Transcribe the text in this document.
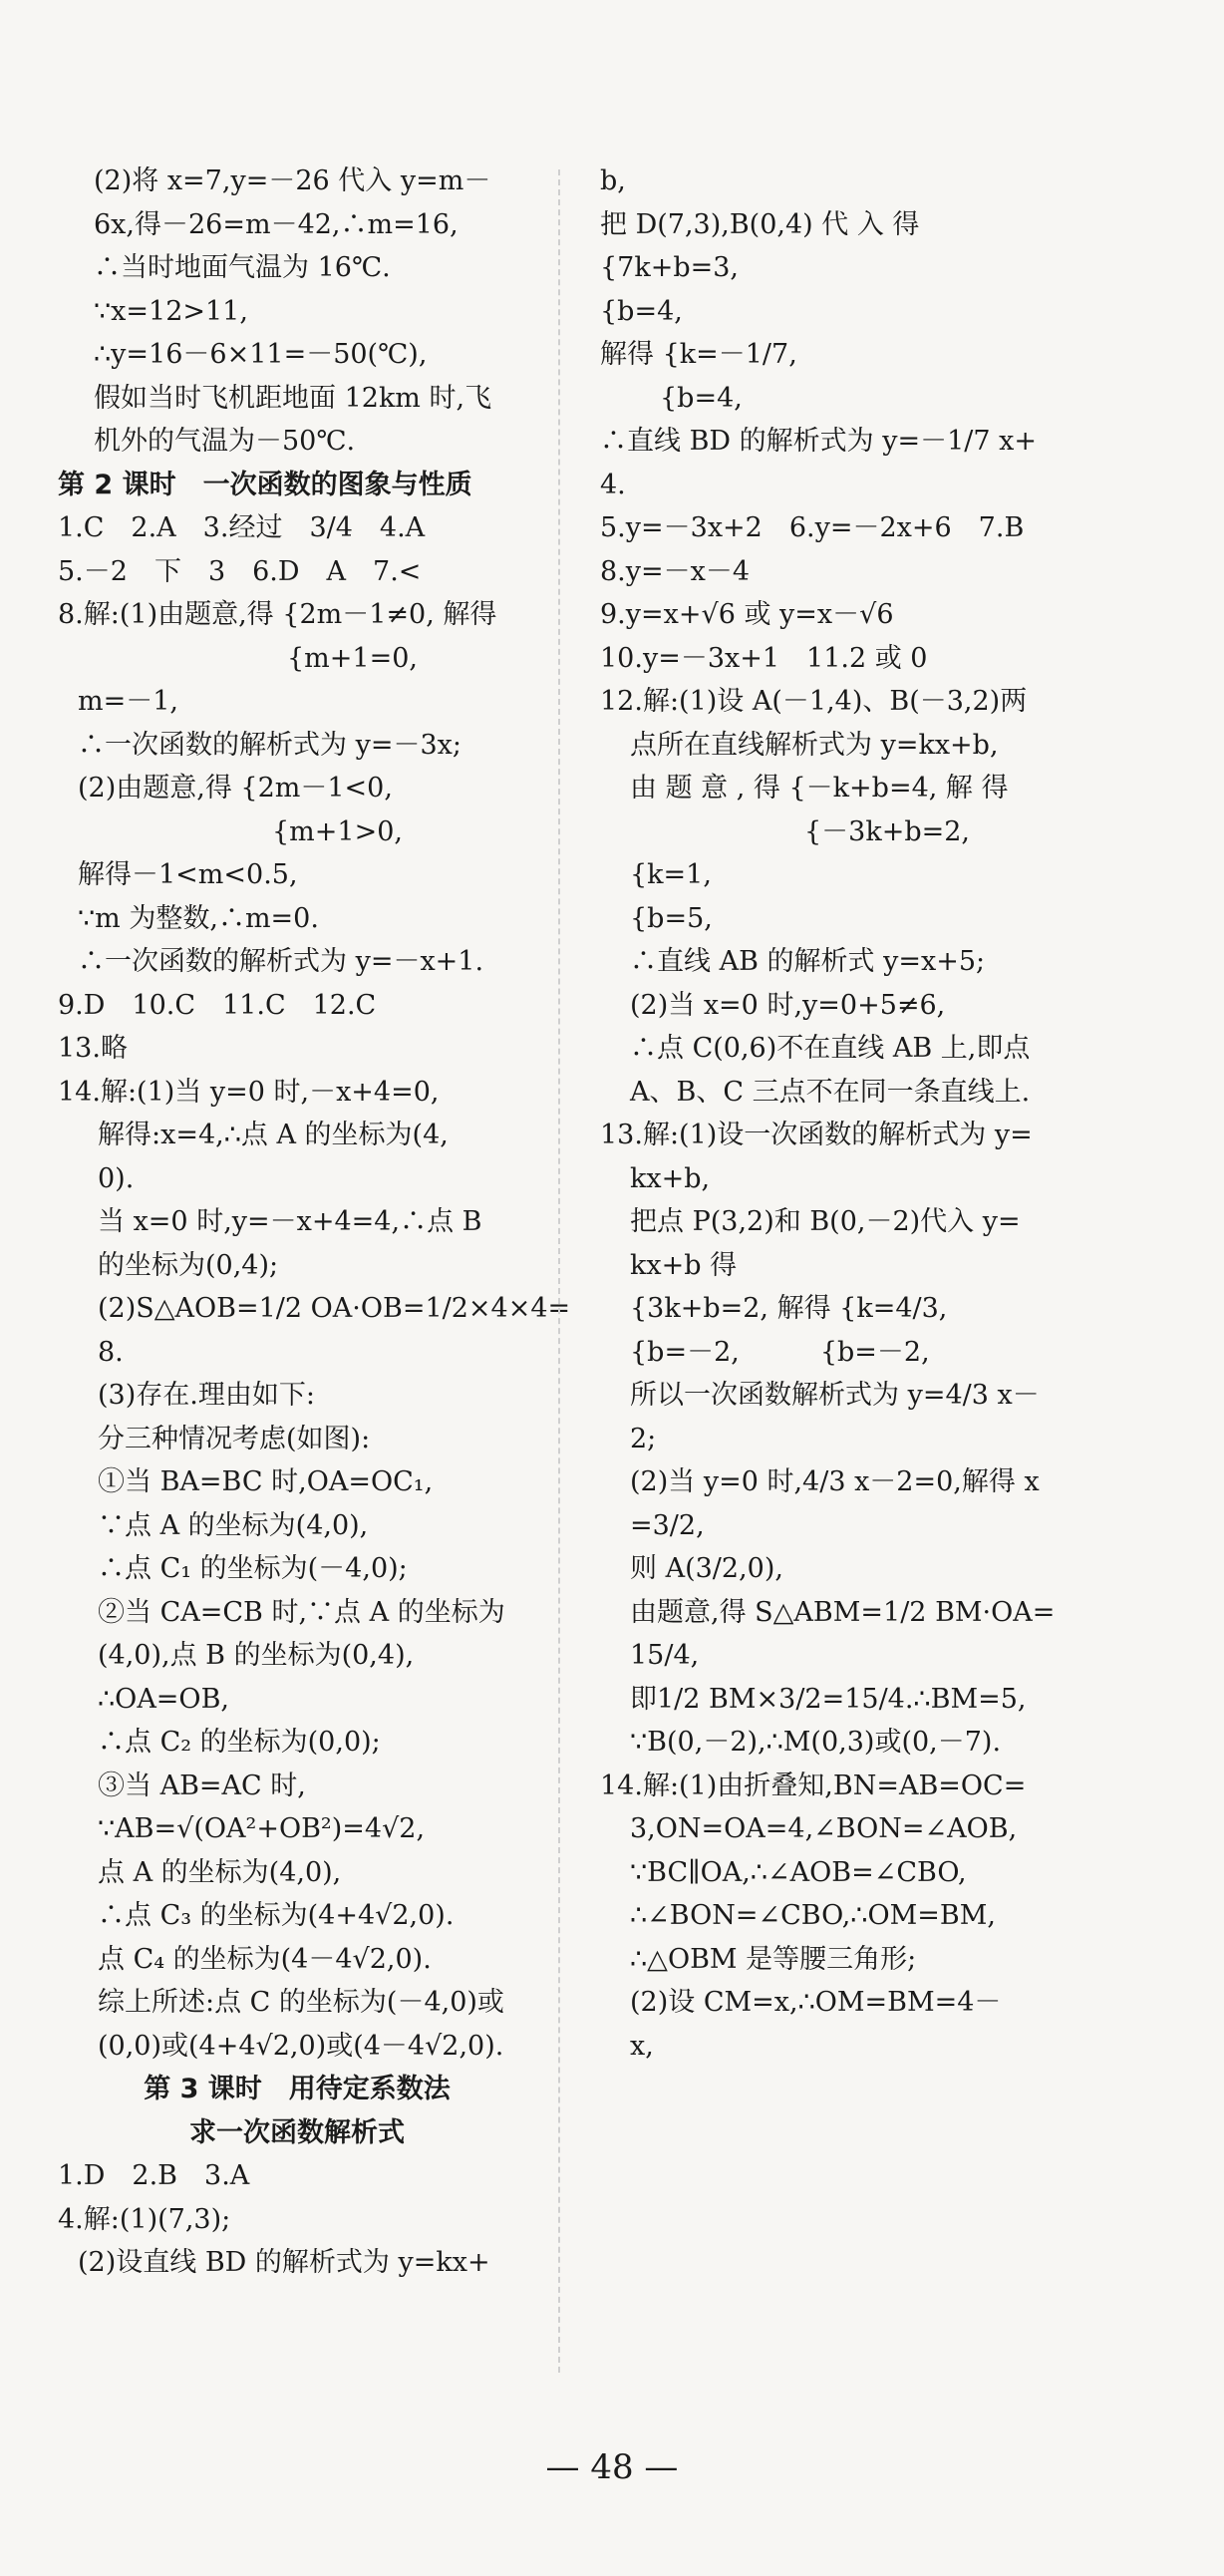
(2)将 x=7,y=－26 代入 y=m－
6x,得－26=m－42,∴m=16,
∴当时地面气温为 16℃.
∵x=12>11,
∴y=16－6×11=－50(℃),
假如当时飞机距地面 12km 时,飞
机外的气温为－50℃.
第 2 课时　一次函数的图象与性质
1.C　2.A　3.经过　3/4　4.A
5.－2　下　3　6.D　A　7.<
8.解:(1)由题意,得 {2m－1≠0, 解得
{m+1=0,
m=－1,
∴一次函数的解析式为 y=－3x;
(2)由题意,得 {2m－1<0,
{m+1>0,
解得－1<m<0.5,
∵m 为整数,∴m=0.
∴一次函数的解析式为 y=－x+1.
9.D　10.C　11.C　12.C
13.略
14.解:(1)当 y=0 时,－x+4=0,
解得:x=4,∴点 A 的坐标为(4,
0).
当 x=0 时,y=－x+4=4,∴点 B
的坐标为(0,4);
(2)S△AOB=1/2 OA·OB=1/2×4×4=
8.
(3)存在.理由如下:
分三种情况考虑(如图):
①当 BA=BC 时,OA=OC₁,
∵点 A 的坐标为(4,0),
∴点 C₁ 的坐标为(－4,0);
②当 CA=CB 时,∵点 A 的坐标为
(4,0),点 B 的坐标为(0,4),
∴OA=OB,
∴点 C₂ 的坐标为(0,0);
③当 AB=AC 时,
∵AB=√(OA²+OB²)=4√2,
点 A 的坐标为(4,0),
∴点 C₃ 的坐标为(4+4√2,0).
点 C₄ 的坐标为(4－4√2,0).
综上所述:点 C 的坐标为(－4,0)或
(0,0)或(4+4√2,0)或(4－4√2,0).
第 3 课时　用待定系数法
求一次函数解析式
1.D　2.B　3.A
4.解:(1)(7,3);
(2)设直线 BD 的解析式为 y=kx+
b,
把 D(7,3),B(0,4) 代 入 得
{7k+b=3,
{b=4,
解得 {k=－1/7,
{b=4,
∴直线 BD 的解析式为 y=－1/7 x+
4.
5.y=－3x+2　6.y=－2x+6　7.B
8.y=－x－4
9.y=x+√6 或 y=x－√6
10.y=－3x+1　11.2 或 0
12.解:(1)设 A(－1,4)、B(－3,2)两
点所在直线解析式为 y=kx+b,
由 题 意 , 得 {－k+b=4, 解 得
{－3k+b=2,
{k=1,
{b=5,
∴直线 AB 的解析式 y=x+5;
(2)当 x=0 时,y=0+5≠6,
∴点 C(0,6)不在直线 AB 上,即点
A、B、C 三点不在同一条直线上.
13.解:(1)设一次函数的解析式为 y=
kx+b,
把点 P(3,2)和 B(0,－2)代入 y=
kx+b 得
{3k+b=2, 解得 {k=4/3,
{b=－2,　　　{b=－2,
所以一次函数解析式为 y=4/3 x－
2;
(2)当 y=0 时,4/3 x－2=0,解得 x
=3/2,
则 A(3/2,0),
由题意,得 S△ABM=1/2 BM·OA=
15/4,
即1/2 BM×3/2=15/4.∴BM=5,
∵B(0,－2),∴M(0,3)或(0,－7).
14.解:(1)由折叠知,BN=AB=OC=
3,ON=OA=4,∠BON=∠AOB,
∵BC∥OA,∴∠AOB=∠CBO,
∴∠BON=∠CBO,∴OM=BM,
∴△OBM 是等腰三角形;
(2)设 CM=x,∴OM=BM=4－
x,
— 48 —
